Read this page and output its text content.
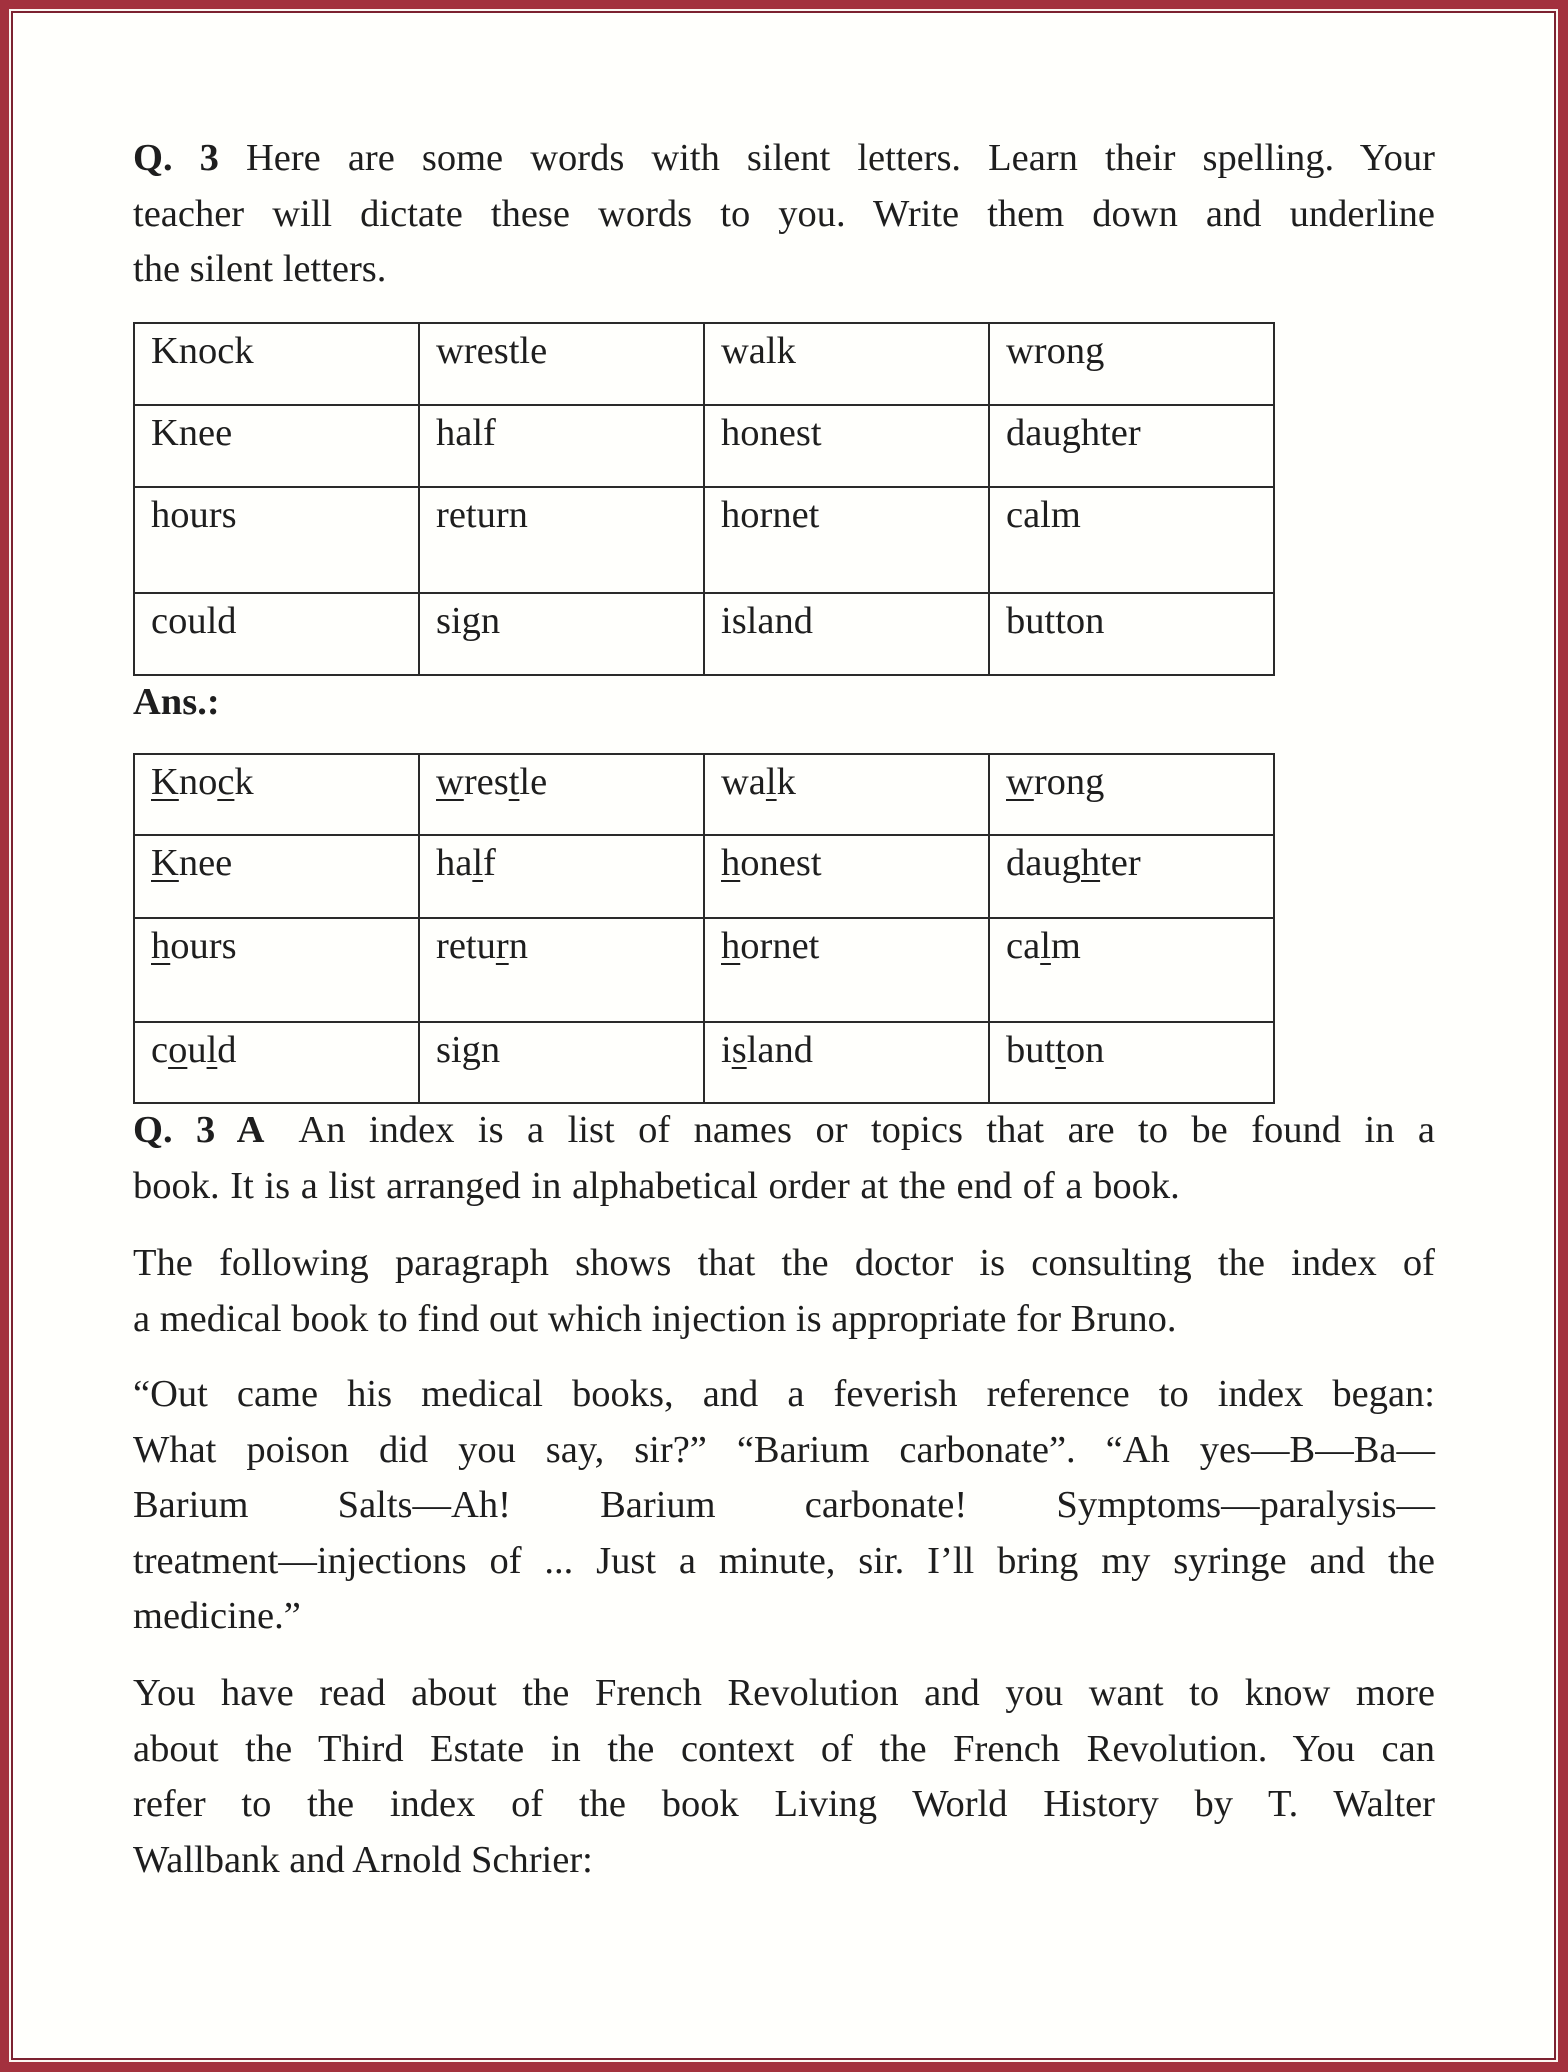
Q. 3 Here are some words with silent letters. Learn their spelling. Your
teacher will dictate these words to you. Write them down and underline
the silent letters.
Knock	wrestle	walk	wrong
Knee	half	honest	daughter
hours	return	hornet	calm
could	sign	island	button
Ans.:
Knock	wrestle	walk	wrong
Knee	half	honest	daughter
hours	return	hornet	calm
could	sign	island	button
Q. 3 A An index is a list of names or topics that are to be found in a
book. It is a list arranged in alphabetical order at the end of a book.
The following paragraph shows that the doctor is consulting the index of
a medical book to find out which injection is appropriate for Bruno.
“Out came his medical books, and a feverish reference to index began:
What poison did you say, sir?” “Barium carbonate”. “Ah yes—B—Ba—
Barium Salts—Ah! Barium carbonate! Symptoms—paralysis—
treatment—injections of ... Just a minute, sir. I’ll bring my syringe and the
medicine.”
You have read about the French Revolution and you want to know more
about the Third Estate in the context of the French Revolution. You can
refer to the index of the book Living World History by T. Walter
Wallbank and Arnold Schrier:
